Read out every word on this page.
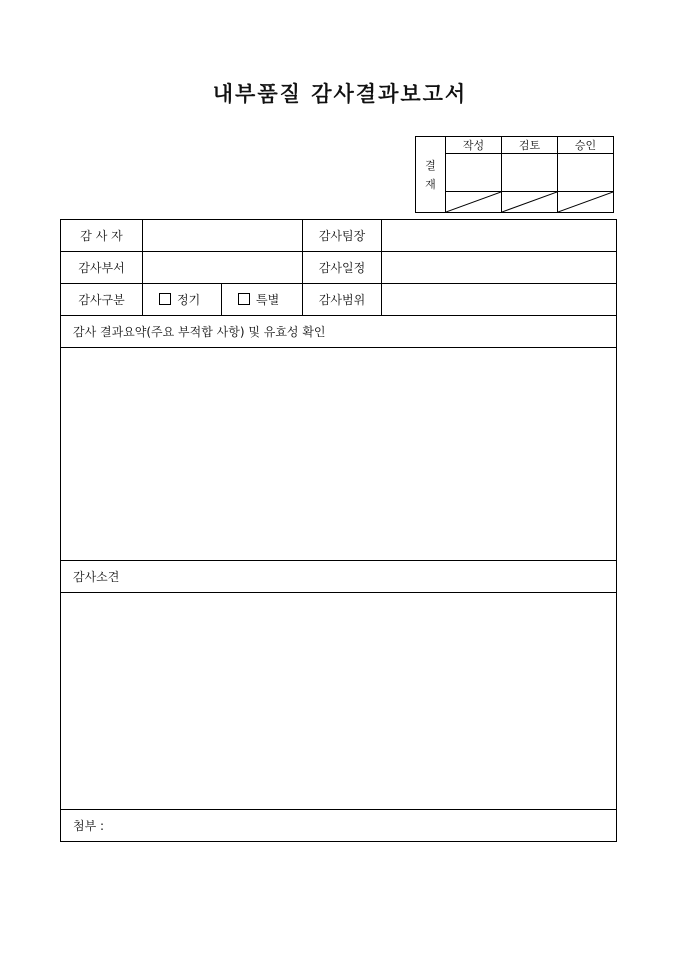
내부품질 감사결과보고서
결
재	작성	검토	승인

감 사 자			감사팀장	
감사부서			감사일정	
감사구분	정기	특별	감사범위	
감사 결과요약(주요 부적합 사항) 및 유효성 확인				

감사소견				

첨부 :				
